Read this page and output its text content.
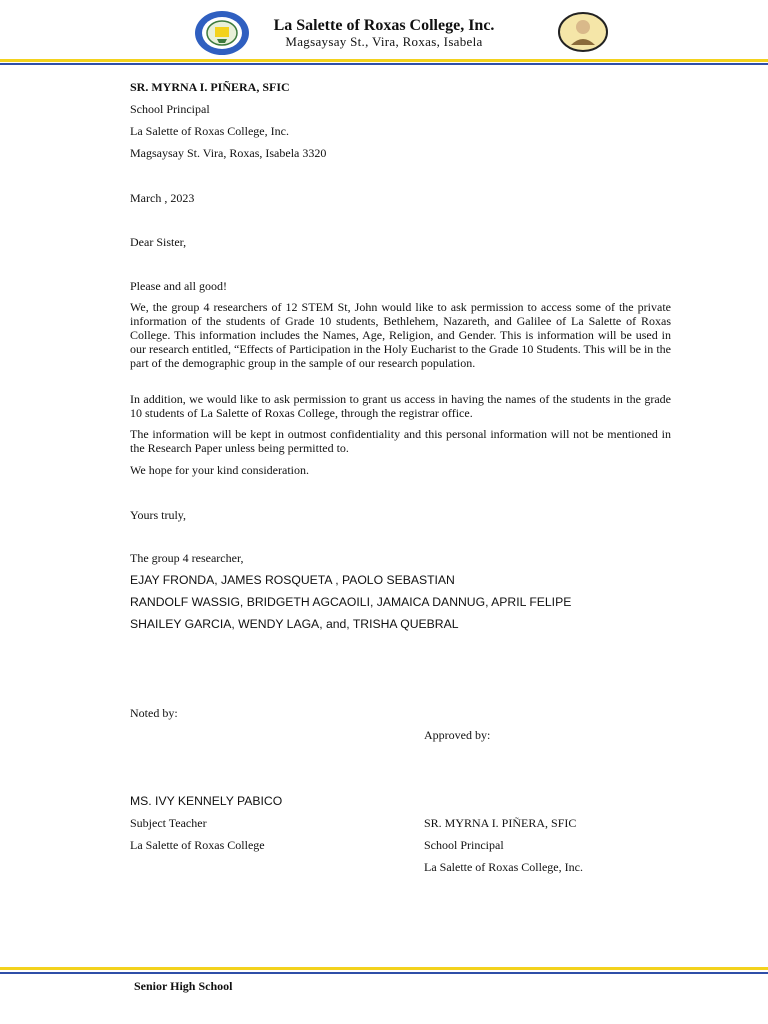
La Salette of Roxas College, Inc.
Magsaysay St., Vira, Roxas, Isabela
SR. MYRNA I. PIÑERA, SFIC
School Principal
La Salette of Roxas College, Inc.
Magsaysay St. Vira, Roxas, Isabela 3320
March , 2023
Dear Sister,
Please and all good!
We, the group 4 researchers of 12 STEM St, John would like to ask permission to access some of the private information of the students of Grade 10 students, Bethlehem, Nazareth, and Galilee of La Salette of Roxas College. This information includes the Names, Age, Religion, and Gender. This is information will be used in our research entitled, “Effects of Participation in the Holy Eucharist to the Grade 10 Students. This will be in the part of the demographic group in the sample of our research population.
In addition, we would like to ask permission to grant us access in having the names of the students in the grade 10 students of La Salette of Roxas College, through the registrar office.
The information will be kept in outmost confidentiality and this personal information will not be mentioned in the Research Paper unless being permitted to.
We hope for your kind consideration.
Yours truly,
The group 4 researcher,
EJAY FRONDA, JAMES ROSQUETA , PAOLO SEBASTIAN
RANDOLF WASSIG, BRIDGETH AGCAOILI, JAMAICA DANNUG, APRIL FELIPE
SHAILEY GARCIA, WENDY LAGA, and, TRISHA QUEBRAL
Noted by:
Approved by:
MS. IVY KENNELY PABICO
Subject Teacher
La Salette of Roxas College
SR. MYRNA I. PIÑERA, SFIC
School Principal
La Salette of Roxas College, Inc.
Senior High School
